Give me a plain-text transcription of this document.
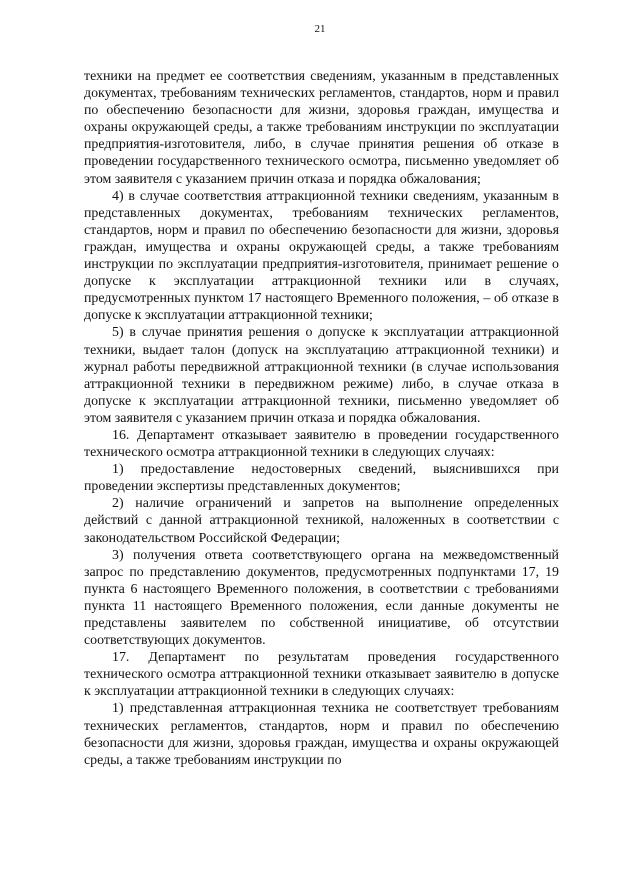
21

техники на предмет ее соответствия сведениям, указанным в представленных документах, требованиям технических регламентов, стандартов, норм и правил по обеспечению безопасности для жизни, здоровья граждан, имущества и охраны окружающей среды, а также требованиям инструкции по эксплуатации предприятия-изготовителя, либо, в случае принятия решения об отказе в проведении государственного технического осмотра, письменно уведомляет об этом заявителя с указанием причин отказа и порядка обжалования;

4) в случае соответствия аттракционной техники сведениям, указанным в представленных документах, требованиям технических регламентов, стандартов, норм и правил по обеспечению безопасности для жизни, здоровья граждан, имущества и охраны окружающей среды, а также требованиям инструкции по эксплуатации предприятия-изготовителя, принимает решение о допуске к эксплуатации аттракционной техники или в случаях, предусмотренных пунктом 17 настоящего Временного положения, – об отказе в допуске к эксплуатации аттракционной техники;

5) в случае принятия решения о допуске к эксплуатации аттракционной техники, выдает талон (допуск на эксплуатацию аттракционной техники) и журнал работы передвижной аттракционной техники (в случае использования аттракционной техники в передвижном режиме) либо, в случае отказа в допуске к эксплуатации аттракционной техники, письменно уведомляет об этом заявителя с указанием причин отказа и порядка обжалования.

16. Департамент отказывает заявителю в проведении государственного технического осмотра аттракционной техники в следующих случаях:

1) предоставление недостоверных сведений, выяснившихся при проведении экспертизы представленных документов;

2) наличие ограничений и запретов на выполнение определенных действий с данной аттракционной техникой, наложенных в соответствии с законодательством Российской Федерации;

3) получения ответа соответствующего органа на межведомственный запрос по представлению документов, предусмотренных подпунктами 17, 19 пункта 6 настоящего Временного положения, в соответствии с требованиями пункта 11 настоящего Временного положения, если данные документы не представлены заявителем по собственной инициативе, об отсутствии соответствующих документов.

17. Департамент по результатам проведения государственного технического осмотра аттракционной техники отказывает заявителю в допуске к эксплуатации аттракционной техники в следующих случаях:

1) представленная аттракционная техника не соответствует требованиям технических регламентов, стандартов, норм и правил по обеспечению безопасности для жизни, здоровья граждан, имущества и охраны окружающей среды, а также требованиям инструкции по
